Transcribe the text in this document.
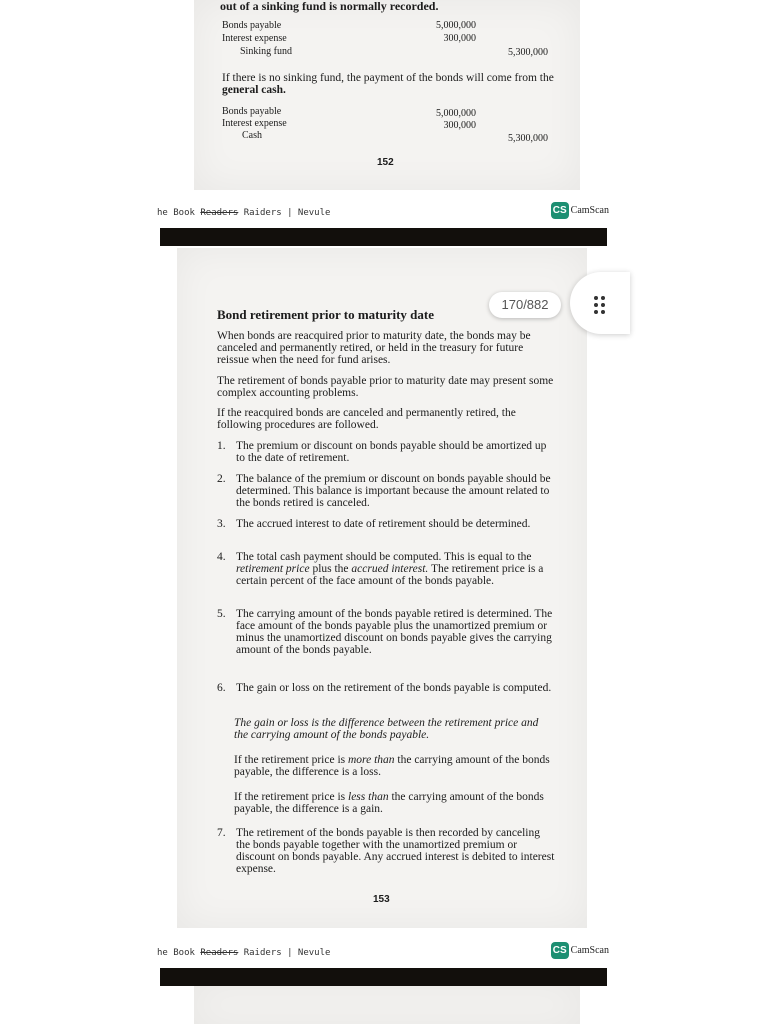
out of a sinking fund is normally recorded.
Bonds payable	5,000,000
Interest expense	300,000
Sinking fund	5,300,000
If there is no sinking fund, the payment of the bonds will come from the general cash.
Bonds payable	5,000,000
Interest expense	300,000
Cash	5,300,000
152
he Book Readers Raiders | Nevule	CS CamScan
170/882
Bond retirement prior to maturity date
When bonds are reacquired prior to maturity date, the bonds may be canceled and permanently retired, or held in the treasury for future reissue when the need for fund arises.
The retirement of bonds payable prior to maturity date may present some complex accounting problems.
If the reacquired bonds are canceled and permanently retired, the following procedures are followed.
1. The premium or discount on bonds payable should be amortized up to the date of retirement.
2. The balance of the premium or discount on bonds payable should be determined. This balance is important because the amount related to the bonds retired is canceled.
3. The accrued interest to date of retirement should be determined.
4. The total cash payment should be computed. This is equal to the retirement price plus the accrued interest. The retirement price is a certain percent of the face amount of the bonds payable.
5. The carrying amount of the bonds payable retired is determined. The face amount of the bonds payable plus the unamortized premium or minus the unamortized discount on bonds payable gives the carrying amount of the bonds payable.
6. The gain or loss on the retirement of the bonds payable is computed.
The gain or loss is the difference between the retirement price and the carrying amount of the bonds payable.
If the retirement price is more than the carrying amount of the bonds payable, the difference is a loss.
If the retirement price is less than the carrying amount of the bonds payable, the difference is a gain.
7. The retirement of the bonds payable is then recorded by canceling the bonds payable together with the unamortized premium or discount on bonds payable. Any accrued interest is debited to interest expense.
153
he Book Readers Raiders | Nevule	CS CamScan
